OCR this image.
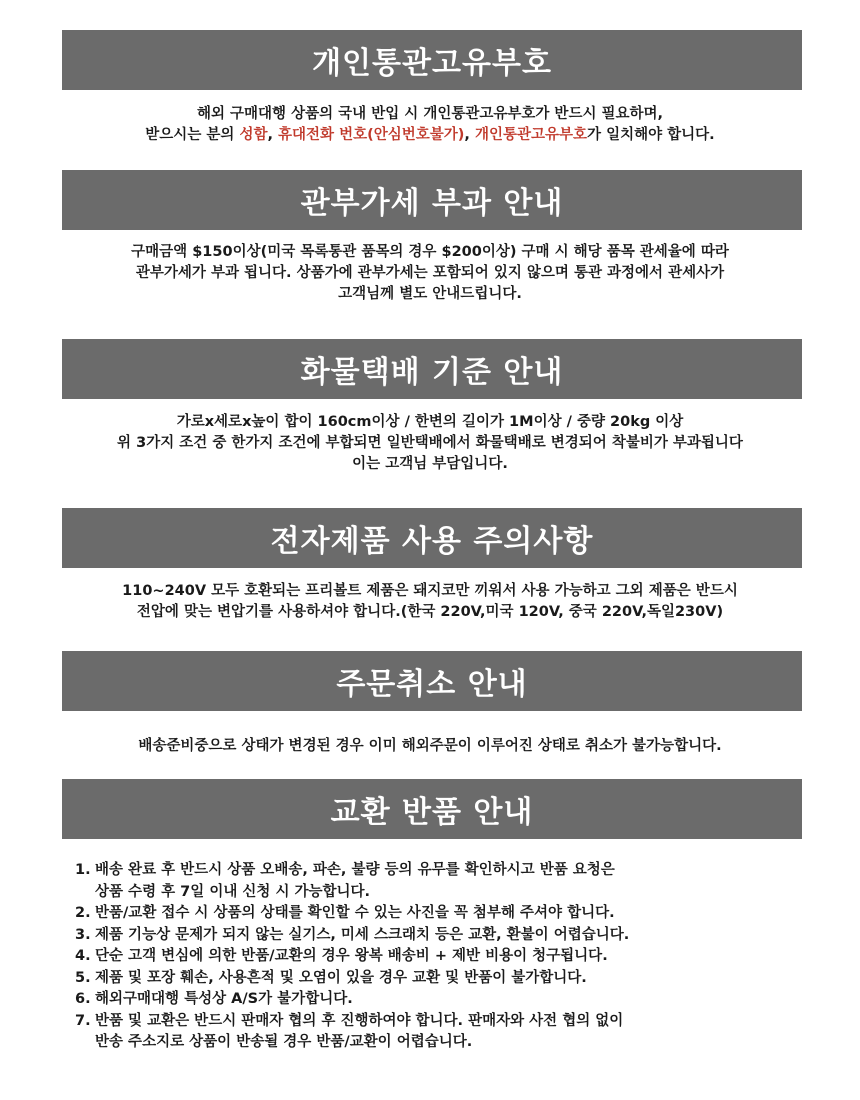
개인통관고유부호
해외 구매대행 상품의 국내 반입 시 개인통관고유부호가 반드시 필요하며,
받으시는 분의 성함, 휴대전화 번호(안심번호불가), 개인통관고유부호가 일치해야 합니다.
관부가세 부과 안내
구매금액 $150이상(미국 목록통관 품목의 경우 $200이상) 구매 시 해당 품목 관세율에 따라
관부가세가 부과 됩니다. 상품가에 관부가세는 포함되어 있지 않으며 통관 과정에서 관세사가
고객님께 별도 안내드립니다.
화물택배 기준 안내
가로x세로x높이 합이 160cm이상 / 한변의 길이가 1M이상 / 중량 20kg 이상
위 3가지 조건 중 한가지 조건에 부합되면 일반택배에서 화물택배로 변경되어 착불비가 부과됩니다
이는 고객님 부담입니다.
전자제품 사용 주의사항
110~240V 모두 호환되는 프리볼트 제품은 돼지코만 끼워서 사용 가능하고 그외 제품은 반드시
전압에 맞는 변압기를 사용하셔야 합니다.(한국 220V,미국 120V, 중국 220V,독일230V)
주문취소 안내
배송준비중으로 상태가 변경된 경우 이미 해외주문이 이루어진 상태로 취소가 불가능합니다.
교환 반품 안내
1. 배송 완료 후 반드시 상품 오배송, 파손, 불량 등의 유무를 확인하시고 반품 요청은
상품 수령 후 7일 이내 신청 시 가능합니다.
2. 반품/교환 접수 시 상품의 상태를 확인할 수 있는 사진을 꼭 첨부해 주셔야 합니다.
3. 제품 기능상 문제가 되지 않는 실기스, 미세 스크래치 등은 교환, 환불이 어렵습니다.
4. 단순 고객 변심에 의한 반품/교환의 경우 왕복 배송비 + 제반 비용이 청구됩니다.
5. 제품 및 포장 훼손, 사용흔적 및 오염이 있을 경우 교환 및 반품이 불가합니다.
6. 해외구매대행 특성상 A/S가 불가합니다.
7. 반품 및 교환은 반드시 판매자 협의 후 진행하여야 합니다. 판매자와 사전 협의 없이
반송 주소지로 상품이 반송될 경우 반품/교환이 어렵습니다.
